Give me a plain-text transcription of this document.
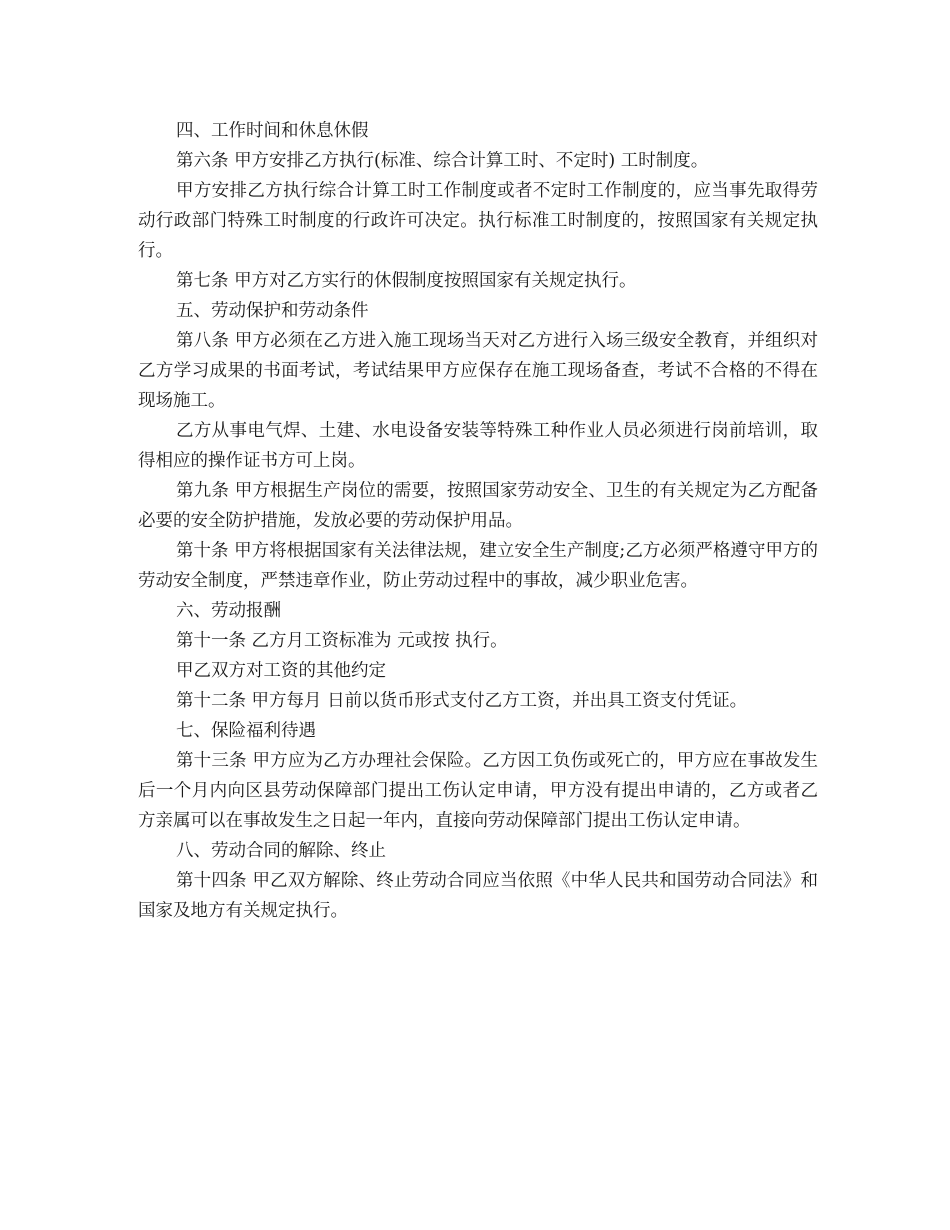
四、工作时间和休息休假

第六条 甲方安排乙方执行(标准、综合计算工时、不定时) 工时制度。

甲方安排乙方执行综合计算工时工作制度或者不定时工作制度的，应当事先取得劳动行政部门特殊工时制度的行政许可决定。执行标准工时制度的，按照国家有关规定执行。

第七条 甲方对乙方实行的休假制度按照国家有关规定执行。

五、劳动保护和劳动条件

第八条 甲方必须在乙方进入施工现场当天对乙方进行入场三级安全教育，并组织对乙方学习成果的书面考试，考试结果甲方应保存在施工现场备查，考试不合格的不得在现场施工。

乙方从事电气焊、土建、水电设备安装等特殊工种作业人员必须进行岗前培训，取得相应的操作证书方可上岗。

第九条 甲方根据生产岗位的需要，按照国家劳动安全、卫生的有关规定为乙方配备必要的安全防护措施，发放必要的劳动保护用品。

第十条 甲方将根据国家有关法律法规，建立安全生产制度;乙方必须严格遵守甲方的劳动安全制度，严禁违章作业，防止劳动过程中的事故，减少职业危害。

六、劳动报酬

第十一条 乙方月工资标准为 元或按 执行。

甲乙双方对工资的其他约定

第十二条 甲方每月 日前以货币形式支付乙方工资，并出具工资支付凭证。

七、保险福利待遇

第十三条 甲方应为乙方办理社会保险。乙方因工负伤或死亡的，甲方应在事故发生后一个月内向区县劳动保障部门提出工伤认定申请，甲方没有提出申请的，乙方或者乙方亲属可以在事故发生之日起一年内，直接向劳动保障部门提出工伤认定申请。

八、劳动合同的解除、终止

第十四条 甲乙双方解除、终止劳动合同应当依照《中华人民共和国劳动合同法》和国家及地方有关规定执行。
